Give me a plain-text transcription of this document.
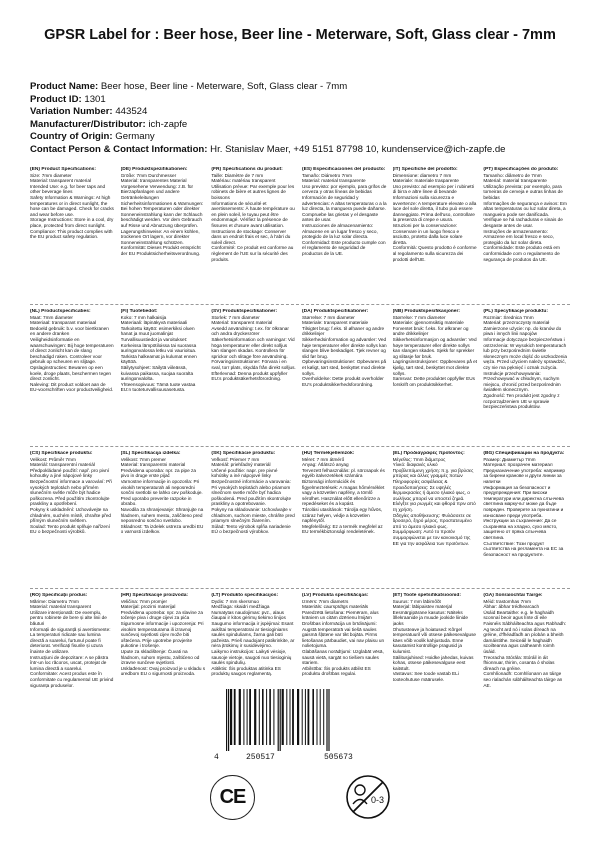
GPSR Label for : Beer hose, Beer line - Meterware, Soft, Glass clear - 7mm
Product Name: Beer hose, Beer line - Meterware, Soft, Glass clear - 7mm
Product ID: 1301
Variation Number: 443524
Manufacturer/Distributor: ich-zapfe
Country of Origin: Germany
Contact Person & Contact Information: Hr. Stanislav Maer, +49 5151 87798 10, kundenservice@ich-zapfe.de
(EN) Product Specifications:

Size: 7mm diameter
Material: transparent material
Intended Use: e.g. for beer taps and other beverage lines
Safety Information & Warnings: At high temperatures or in direct sunlight, the hose can be damaged. Check for cracks and wear before use.
Storage Instructions: Store in a cool, dry place, protected from direct sunlight.
Compliance: This product complies with the EU product safety regulation.

(DE) Produktspezifikationen:

Größe: 7mm Durchmesser
Material: transparentes Material
Vorgesehene Verwendung: z.B. für Bierzapfanlagen und andere Getränkeleitungen
Sicherheitsinformationen & Warnungen: Bei hohen Temperaturen oder direkter Sonneneinstrahlung kann der Schlauch beschädigt werden. Vor dem Gebrauch auf Risse und Abnutzung überprüfen.
Lagerungshinweise: An einem kühlen, trockenen Ort lagern, vor direkter Sonneneinstrahlung schützen.
Konformität: Dieses Produkt entspricht der EU Produktsicherheitsverordnung.

(FR) Spécifications du produit:

Taille: Diamètre de 7 mm
Matériau: matériau transparent
Utilisation prévue: Par exemple pour les robinets de bière et autres lignes de boissons
Informations de sécurité et avertissements: À haute température ou en plein soleil, le tuyau peut être endommagé. Vérifiez la présence de fissures et d'usure avant utilisation.
Instructions de stockage: Conserver dans un endroit frais et sec, à l'abri du soleil direct.
Conformité: Ce produit est conforme au règlement de l'UE sur la sécurité des produits.

(ES) Especificaciones del producto:

Tamaño: Diámetro 7mm
Material: material transparente
Uso previsto: por ejemplo, para grifos de cerveza y otras líneas de bebidas
Información de seguridad y advertencias: A altas temperaturas o a la luz directa, la manguera puede dañarse. Compruebe las grietas y el desgaste antes de usar.
Instrucciones de almacenamiento: Almacene en un lugar fresco y seco, protegido de la luz solar directa.
Conformidad: Este producto cumple con el reglamento de seguridad de productos de la UE.

(IT) Specifiche del prodotto:

Dimensione: diametro 7 mm
Materiale: materiale trasparente
Uso previsto: ad esempio per i rubinetti di birra e altre linee di bevande
Informazioni sulla sicurezza e avvertenze: A temperature elevate o alla luce del sole diretta, il tubo può essere danneggiato. Prima dell'uso, controllare la presenza di crepe e usura.
Istruzioni per la conservazione: Conservare in un luogo fresco e asciutto, protetto dalla luce solare diretta.
Conformità: Questo prodotto è conforme al regolamento sulla sicurezza dei prodotti dell'UE.

(PT) Especificações do produto:

Tamanho: diâmetro de 7mm
Material: material transparente
Utilização prevista: por exemplo, para torneiras de cerveja e outras linhas de bebidas
Informações de segurança e avisos: Em altas temperaturas ou luz solar direta, a mangueira pode ser danificada. Verifique se há rachaduras e sinais de desgaste antes de usar.
Instruções de armazenamento: Armazene em local fresco e seco, protegido da luz solar direta.
Conformidade: Este produto está em conformidade com o regulamento de segurança de produtos da UE.

(NL) Productspecificaties:

Maat: 7mm diameter
Materiaal: transparant materiaal
Bedoeld gebruik: b.v. voor biertkranen en andere dranken
Veiligheidsinformatie en waarschuwingen: Bij hoge temperaturen of direct zonlicht kan de slang beschadigd raken. Controleer voor gebruik op scheuren en slijtage.
Opslaginstructies: Bewaren op een koele, droge plaats, beschermen tegen direct zonlicht.
Naleving: Dit product voldoet aan de EU-voorschriften voor productveiligheid.

(FI) Tuotetiedot:

Koko: 7 mm halkaisija
Materiaali: läpinäkyvä materiaali
Tarkoitettu käyttö: esimerkiksi oluen hanat ja muut juomalinjat
Turvallisuustiedot ja varoitukset: Korkeissa lämpötiloissa tai suorassa auringonvalossa letku voi vaurioitua. Tarkista halkeamat ja kulumat ennen käyttöä.
Säilytysohjeet: Säilytä viileässä, kuivassa paikassa, suojaa suoralta auringonvalolta.
Yhteensopivuus: Tämä tuote vastaa EU:n tuoteturvallisuusasetusta.

(SV) Produktspecifikationer:

Storlek: 7 mm diameter
Material: transparent material
Avsedd användning: t.ex. för ölkranar och andra dryckesrörer
Säkerhetsinformation och varningar: Vid höga temperaturer eller direkt solljus kan slangen skadas. Kontrollera för sprickor och slitage före användning.
Förvaringsinstruktioner: Förvara i en sval, torr plats, skydda från direkt solljus.
Efterlevnad: Denna produkt uppfyller EU:s produktsäkerhetsförordning.

(DA) Produktspecifikationer:

Størrelse: 7 mm diameter
Materiale: transparent materiale
Tilsigtet brug: f.eks. til ølhaner og andre drikkelinjer
Sikkerhedsinformation og advarsler: Ved høje temperaturer eller direkte sollys kan slangen blive beskadiget. Tjek revner og slid før brug.
Opbevaringsinstruktioner: Opbevares på et køligt, tørt sted, beskyttet mod direkte sollys.
Overholdelse: Dette produkt overholder EU's produktsikkerhedsforordning.

(NB) Produktspesifikasjoner:

Størrelse: 7 mm diameter
Materiale: gjennomsiktig materiale
Forventet bruk: f.eks. for ølkraner og andre drikkelinjer
Sikkerhetsinformasjon og advarsler: Ved høye temperaturer eller direkte sollys kan slangen skades. Sjekk for sprekker og slitasje før bruk.
Lagringsinstruksjoner: Oppbevares på et kjølig, tørt sted, beskyttet mot direkte sollys.
Samsvar: Dette produktet oppfyller EUs forskrift om produktsikkerhet.

(PL) Specyfikacje produktu:

Rozmiar: Średnica 7mm
Materiał: przezroczysty materiał
Zamierzone użycie: np. do kranów do piwa i innych linii napojów
Informacje dotyczące bezpieczeństwa i ostrzeżenia: W wysokich temperaturach lub przy bezpośrednim świetle słonecznym może dojść do uszkodzenia węża. Przed użyciem należy sprawdzić, czy nie ma pęknięć i oznak zużycia.
Instrukcje przechowywania: Przechowywać w chłodnym, suchym miejscu, chronić przed bezpośrednim światłem słonecznym.
Zgodność: Ten produkt jest zgodny z rozporządzeniem UE w sprawie bezpieczeństwa produktów.

(CS) Specifikace produktu:

Velikost: Průměr 7mm
Materiál: transparentní materiál
Předpokládané použití: např. pro pivní kohoutky a jiné nápojové linky
Bezpečnostní informace a varování: Při vysokých teplotách nebo přímém slunečním světle může být hadice poškozena. Před použitím zkontrolujte praskliny a opotřebení.
Pokyny k uskladnění: Uchovávejte na chladném, suchém místě, chraňte před přímým slunečním světlem.
Soulad: Tento produkt splňuje nařízení EU o bezpečnosti výrobků.

(SL) Specifikacija izdelka:

Velikost: 7mm premer
Material: transparentni material
Predvidena uporaba: npr. za pipe za pivo in druge vrste pijač
Varnostne informacije in opozorila: Pri visokih temperaturah ali neposredni sončni svetlobi se lahko cev poškoduje. Pred uporabo preverite razpoke in obrabo.
Navodila za shranjevanje: Shranjujte na hladnem, suhem mestu, zaščiteno pred neposredno sončno svetlobo.
Skladnost: Ta izdelek ustreza uredbi EU o varnosti izdelkov.

(SK) Špecifikácie produktu:

Veľkosť: Priemer 7 mm
Materiál: priehľadný materiál
Určené použitie: napr. pre pivné kohútiky a iné nápojové linky
Bezpečnostné informácie a varovania: Pri vysokých teplotách alebo priamom slnečnom svetle môže byť hadica poškodená. Pred použitím skontrolujte praskliny a opotrebovanie.
Pokyny na skladovanie: Uchovávajte v chladnom, suchom mieste, chráňte pred priamym slnečným žiarením.
Súlad: Tento výrobok spĺňa nariadenie EÚ o bezpečnosti výrobkov.

(HU) Termékjellemzők:

Méret: 7 mm átmérő
Anyag: Átlátszó anyag
Tervezett felhasználás: pl. sörcsapok és egyéb italvezetékek számára
Biztonsági információk és figyelmeztetések: A magas hőmérséklet vagy a közvetlen napfény, a tömlő sérülhet. Használat előtt ellenőrizze a repedéseket és a kopást.
Tárolási utasítások: Tárolja egy hűvös, száraz helyen, védje a közvetlen napfénytől.
Megfelelőség: Ez a termék megfelel az EU termékbiztonsági rendeletének.

(EL) Προδιαγραφές προϊόντος:

Μέγεθος: 7mm διάμετρος
Υλικό: διαφανές υλικό
Προβλεπόμενη χρήση: π.χ. για βρύσες μπύρας και άλλες γραμμές ποτών
Πληροφορίες ασφάλειας & προειδοποιήσεις: Σε υψηλές θερμοκρασίες ή άμεσο ηλιακό φως, ο σωλήνας μπορεί να υποστεί ζημιά. Ελέγξτε για ρωγμές και φθορά πριν από τη χρήση.
Οδηγίες αποθήκευσης: Φυλάσσετε σε δροσερό, ξηρό μέρος, προστατευμένο από το άμεσο ηλιακό φως.
Συμμόρφωση: Αυτό το προϊόν συμμορφώνεται με τον κανονισμό της ΕΕ για την ασφάλεια των προϊόντων.

(BG) Спецификации на продукта:

Размер: Диаметър 7mm
Материал: прозрачен материал
Предназначение употреба: например за бирени кранове и други линии за напитки
Информация за безопасност и предупреждения: При високи температури или директна слънчева светлина маркучът може да бъде повреден. Проверете за пукнатини и износване преди употреба.
Инструкции за съхранение: Да се съхранява на хладно, сухо място, защитено от пряка слънчева светлина.
Съответствие: Този продукт съответства на регламента на ЕС за безопасност на продуктите.

(RO) Specificații produs:

Mărime: Diametru 7mm
Material: material transparent
Utilizare intenționată: De exemplu, pentru robinete de bere și alte linii de băuturi
Informații de siguranță și avertismente: La temperaturi ridicate sau lumina directă a soarelui, furtunul poate fi deteriorat. Verificați fisurile și uzura înainte de utilizare.
Instrucțiuni de depozitare: A se păstra într-un loc răcoros, uscat, protejat de lumina directă a soarelui.
Conformitate: Acest produs este în conformitate cu regulamentul UE privind siguranța produselor.

(HR) Specifikacije proizvoda:

Veličina: 7mm promjer
Materijal: prozirni materijal
Predviđena upotreba: npr. za slavine za točenje piva i druge cijevi za pića
Sigurnosne informacije i upozorenja: Pri visokim temperaturama ili izravnoj sunčevoj svjetlosti cijev može biti oštećena. Prije upotrebe provjerite pukotine i trošenje.
Upute za skladištenje: Čuvati na hladnom, suhom mjestu, zaštićeno od izravne sunčeve svjetlosti.
Usklađenost: Ovaj proizvod je u skladu s uredbom EU o sigurnosti proizvoda.

(LT) Produkto specifikacijos:

Dydis: 7 mm skersmuo
Medžiaga: skaidri medžiaga
Numatytas naudojimas: pvz., alaus čiaupai ir kitos gėrimų tiekimo linijos
Saugumo informacija ir įspėjimai: Esant aukštai temperatūrai ar tiesioginiams saulės spinduliams, žarna gali būti pažeista. Prieš naudojant patikrinkite, ar nėra įtrūkimų ir susidėvėjimo.
Laikymo instrukcijos: Laikyti vėsioje, sausoje vietoje, saugoti nuo tiesioginių saulės spindulių.
Atitiktis: Šis produktas atitinka ES produktų saugos reglamentą.

(LV) Produkta specifikācijas:

Izmērs: 7mm diametrs
Materiāls: caurspīdīgs materiāls
Paredzētā lietošana: Piemēram, alus krāniem un citām dzērienu līnijām
Drošības informācija un brīdinājumi: Augstā temperatūrā vai tiešā saules gaismā šļūtene var tikt bojāta. Pirms lietošanas pārbaudiet, vai nav plaisu un nolietojuma.
Glabāšanas norādījumi: Uzglabāt vēsā, sausā vietā, sargāt no tiešiem saules stariem.
Atbilstība: Šis produkts atbilst ES produktu drošības regulai.

(ET) Toote spetsifikatsioonid:

Suurus: 7 mm läbimõõt
Materjal: läbipaistev materjal
Eesmärgipärane kasutus: Näiteks õllekraanide ja muude jookide liinide jaoks
Ohutusteave ja hoiatused: Kõrgel temperatuuril või otsese päikesevalguse käes võib voolik kahjustuda. Enne kasutamist kontrollige pragusid ja kulumist.
Säilitusjuhised: Hoidke jahedas, kuivas kohas, otsese päikesevalguse eest kaitstult.
Vastavus: See toode vastab ELi tooteohutuse määrusele.

(GA) Sonraíochtaí Táirge:

Méid: trastomhas 7mm
Ábhar: ábhar trédhearcach
Úsáid Beartaithe: e.g. le haghaidh sconnaí beoir agus línte dí eile
Faisnéis Sábháilteachta agus Rabhadh: Ag teocht ard nó i solas díreach na gréine, d'fhéadfadh an píobán a bheith damáistithe. Seiceáil le haghaidh scoilteanna agus caitheamh roimh úsáid.
Treoracha Stórála: Stóráil in áit fhionnuar, thirim, cosanta ó sholas díreach na gréine.
Comhlíonadh: Comhlíonann an táirge seo rialachán sábháilteachta táirge an AE.

4	250517	505673
CE	0-3
